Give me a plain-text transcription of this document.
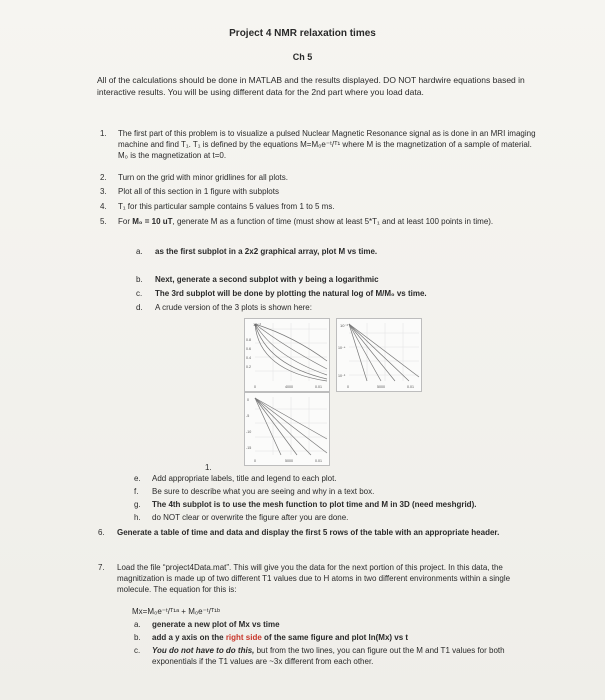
Project 4 NMR relaxation times
Ch 5
All of the calculations should be done in MATLAB and the results displayed. DO NOT hardwire equations based in interactive results. You will be using different data for the 2nd part where you load data.
1. The first part of this problem is to visualize a pulsed Nuclear Magnetic Resonance signal as is done in an MRI imaging machine and find T₁. T₁ is defined by the equations M=M₀e⁻ᵗ/ᵀ¹ where M is the magnetization of a sample of material. M₀ is the magnetization at t=0.
2. Turn on the grid with minor gridlines for all plots.
3. Plot all of this section in 1 figure with subplots
4. T₁ for this particular sample contains 5 values from 1 to 5 ms.
5. For M₀ = 10 uT, generate M as a function of time (must show at least 5*T₁ and at least 100 points in time).
a. as the first subplot in a 2x2 graphical array, plot M vs time.
b. Next, generate a second subplot with y being a logarithmic
c. The 3rd subplot will be done by plotting the natural log of M/M₀ vs time.
d. A crude version of the 3 plots is shown here:
10⁻³
0.8
0.6
0.4
0.2
0	4000	0.01
10⁻³
10⁻⁴
10⁻⁵
0	5000	0.01
0
-5
-10
-15
0	5000	0.01
1.
e. Add appropriate labels, title and legend to each plot.
f. Be sure to describe what you are seeing and why in a text box.
g. The 4th subplot is to use the mesh function to plot time and M in 3D (need meshgrid).
h. do NOT clear or overwrite the figure after you are done.
6. Generate a table of time and data and display the first 5 rows of the table with an appropriate header.
7. Load the file “project4Data.mat”. This will give you the data for the next portion of this project. In this data, the magnitization is made up of two different T1 values due to H atoms in two different environments within a single molecule. The equation for this is:
Mx=M₀e⁻ᵗ/ᵀ¹ᵃ + M₀e⁻ᵗ/ᵀ¹ᵇ
a. generate a new plot of Mx vs time
b. add a y axis on the right side of the same figure and plot ln(Mx) vs t
c. You do not have to do this, but from the two lines, you can figure out the M and T1 values for both exponentials if the T1 values are ~3x different from each other.
